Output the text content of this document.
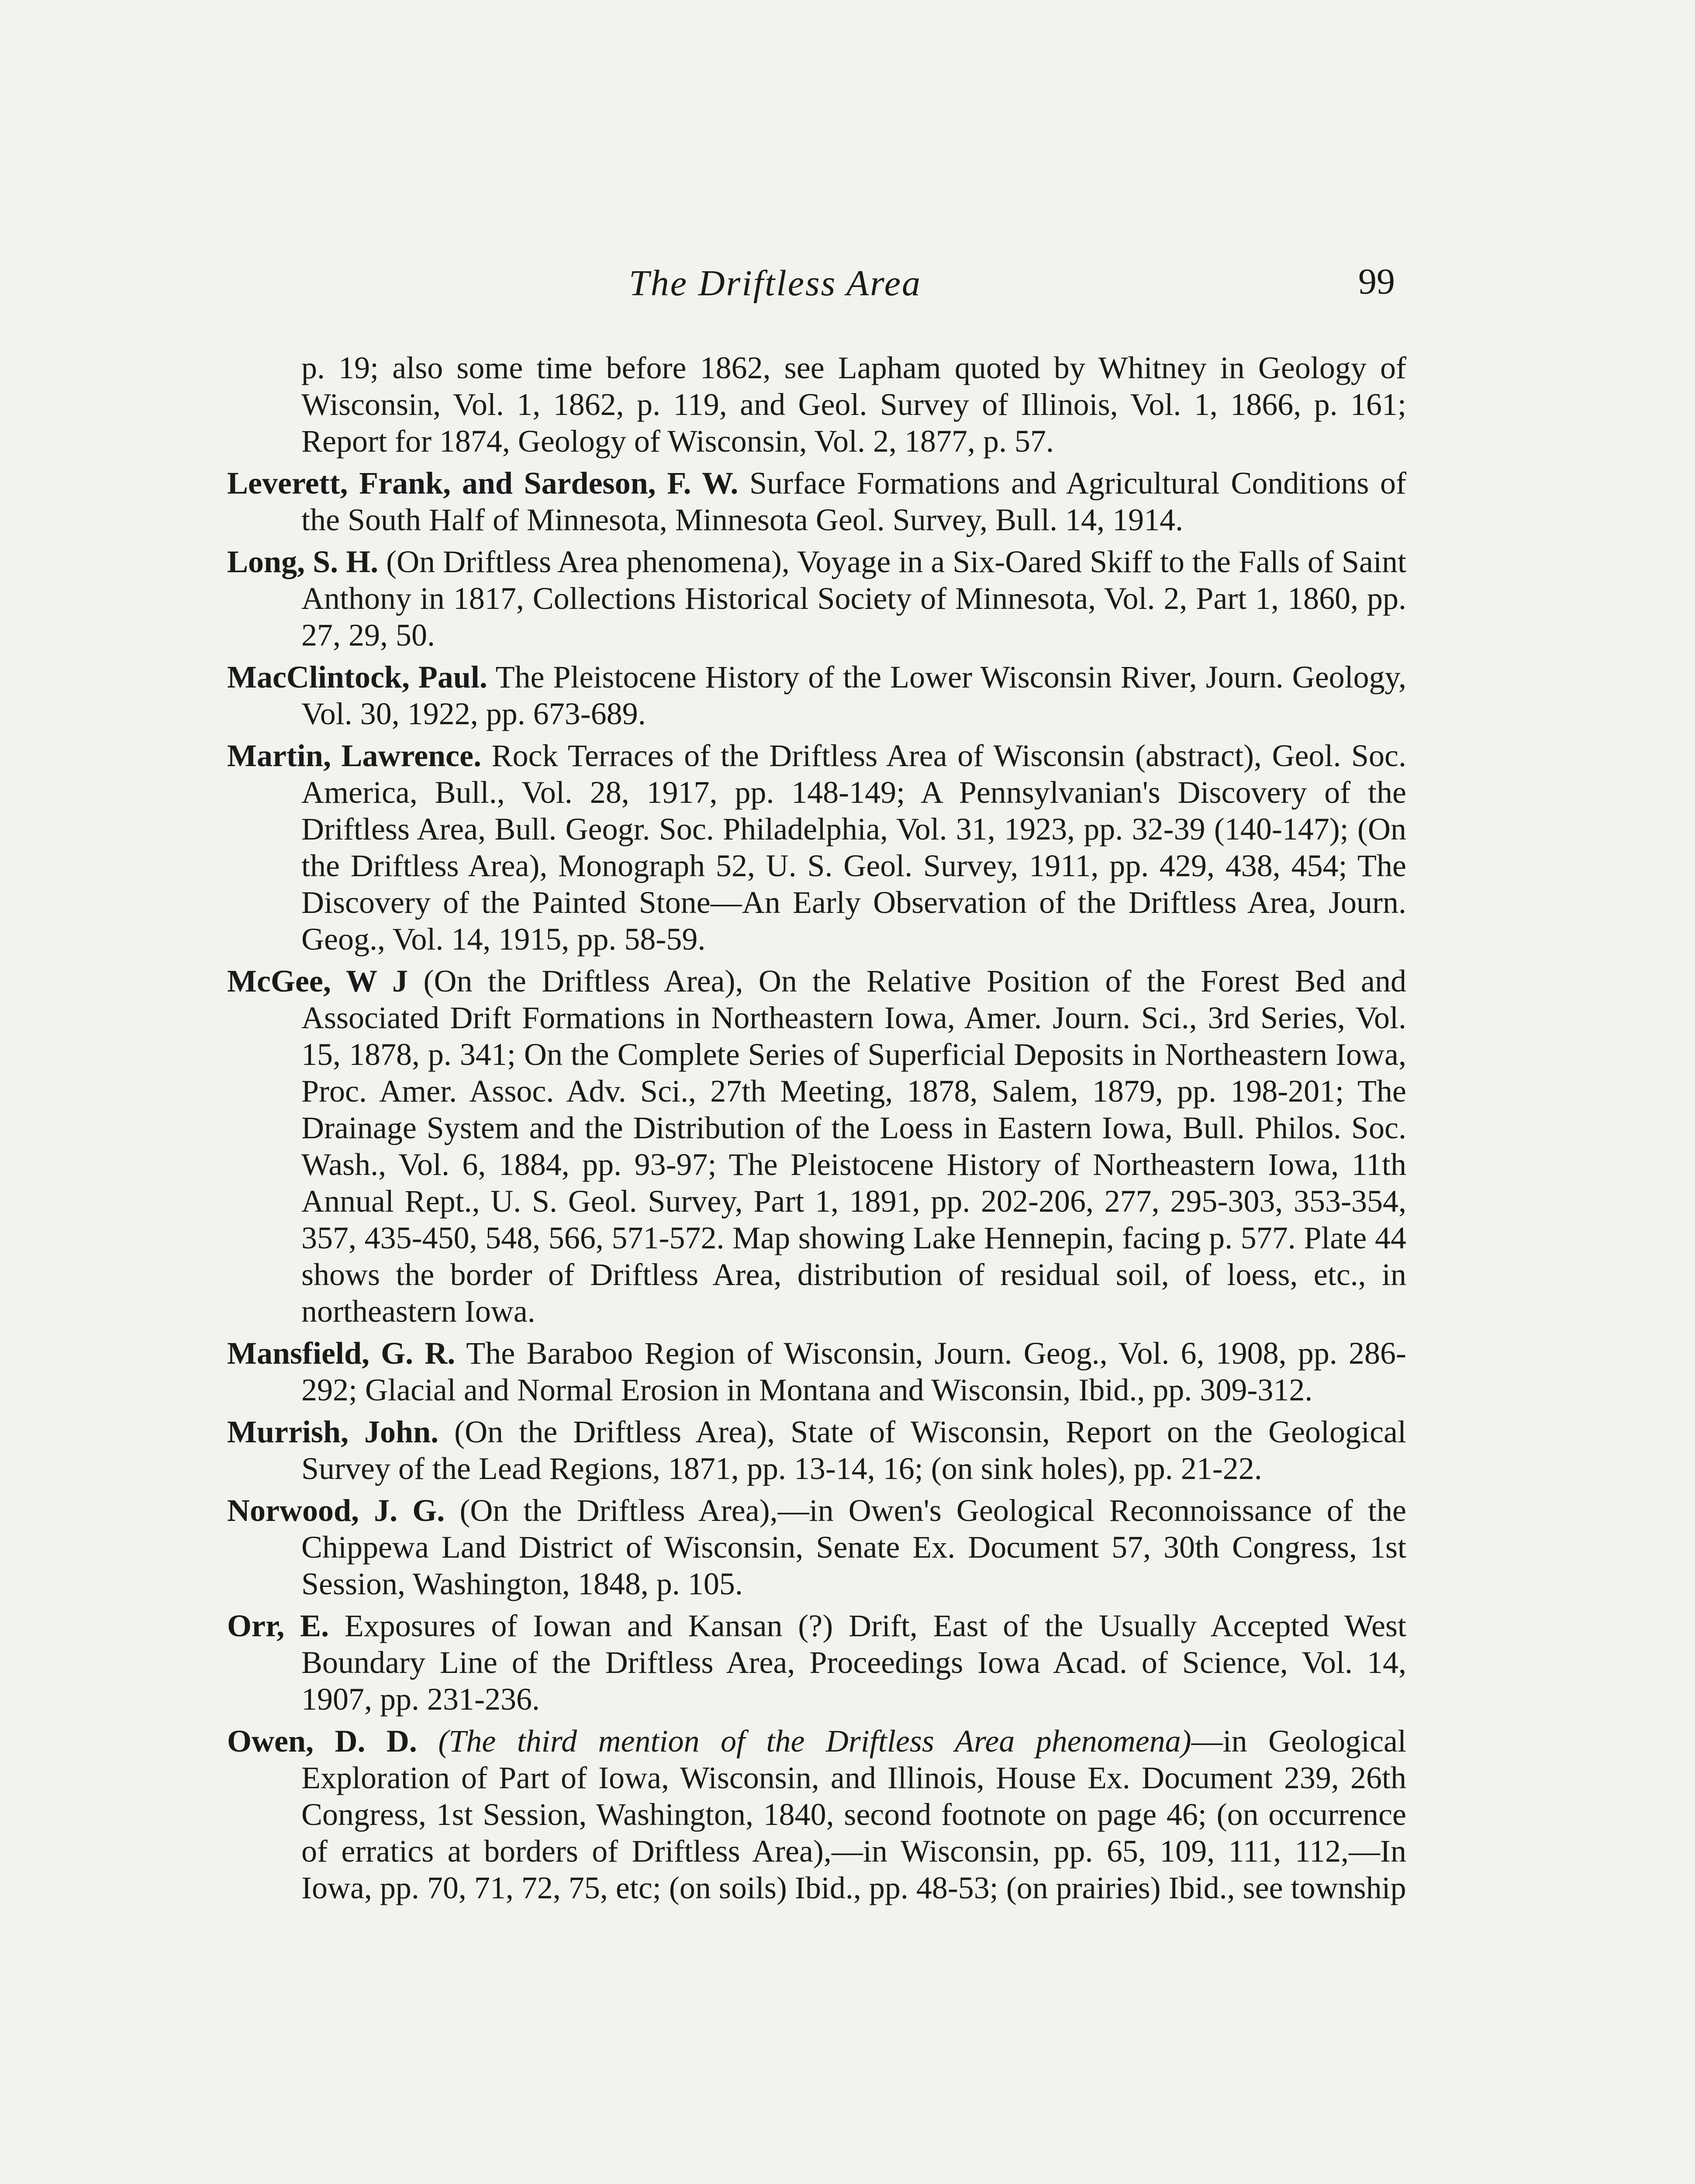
The Driftless Area	99

p. 19; also some time before 1862, see Lapham quoted by Whitney in Geology of Wisconsin, Vol. 1, 1862, p. 119, and Geol. Survey of Illinois, Vol. 1, 1866, p. 161; Report for 1874, Geology of Wisconsin, Vol. 2, 1877, p. 57.

Leverett, Frank, and Sardeson, F. W. Surface Formations and Agricultural Conditions of the South Half of Minnesota, Minnesota Geol. Survey, Bull. 14, 1914.

Long, S. H. (On Driftless Area phenomena), Voyage in a Six-Oared Skiff to the Falls of Saint Anthony in 1817, Collections Historical Society of Minnesota, Vol. 2, Part 1, 1860, pp. 27, 29, 50.

MacClintock, Paul. The Pleistocene History of the Lower Wisconsin River, Journ. Geology, Vol. 30, 1922, pp. 673-689.

Martin, Lawrence. Rock Terraces of the Driftless Area of Wisconsin (abstract), Geol. Soc. America, Bull., Vol. 28, 1917, pp. 148-149; A Pennsylvanian's Discovery of the Driftless Area, Bull. Geogr. Soc. Philadelphia, Vol. 31, 1923, pp. 32-39 (140-147); (On the Driftless Area), Monograph 52, U. S. Geol. Survey, 1911, pp. 429, 438, 454; The Discovery of the Painted Stone—An Early Observation of the Driftless Area, Journ. Geog., Vol. 14, 1915, pp. 58-59.

McGee, W J (On the Driftless Area), On the Relative Position of the Forest Bed and Associated Drift Formations in Northeastern Iowa, Amer. Journ. Sci., 3rd Series, Vol. 15, 1878, p. 341; On the Complete Series of Superficial Deposits in Northeastern Iowa, Proc. Amer. Assoc. Adv. Sci., 27th Meeting, 1878, Salem, 1879, pp. 198-201; The Drainage System and the Distribution of the Loess in Eastern Iowa, Bull. Philos. Soc. Wash., Vol. 6, 1884, pp. 93-97; The Pleistocene History of Northeastern Iowa, 11th Annual Rept., U. S. Geol. Survey, Part 1, 1891, pp. 202-206, 277, 295-303, 353-354, 357, 435-450, 548, 566, 571-572. Map showing Lake Hennepin, facing p. 577. Plate 44 shows the border of Driftless Area, distribution of residual soil, of loess, etc., in northeastern Iowa.

Mansfield, G. R. The Baraboo Region of Wisconsin, Journ. Geog., Vol. 6, 1908, pp. 286-292; Glacial and Normal Erosion in Montana and Wisconsin, Ibid., pp. 309-312.

Murrish, John. (On the Driftless Area), State of Wisconsin, Report on the Geological Survey of the Lead Regions, 1871, pp. 13-14, 16; (on sink holes), pp. 21-22.

Norwood, J. G. (On the Driftless Area),—in Owen's Geological Reconnoissance of the Chippewa Land District of Wisconsin, Senate Ex. Document 57, 30th Congress, 1st Session, Washington, 1848, p. 105.

Orr, E. Exposures of Iowan and Kansan (?) Drift, East of the Usually Accepted West Boundary Line of the Driftless Area, Proceedings Iowa Acad. of Science, Vol. 14, 1907, pp. 231-236.

Owen, D. D. (The third mention of the Driftless Area phenomena)—in Geological Exploration of Part of Iowa, Wisconsin, and Illinois, House Ex. Document 239, 26th Congress, 1st Session, Washington, 1840, second footnote on page 46; (on occurrence of erratics at borders of Driftless Area),—in Wisconsin, pp. 65, 109, 111, 112,—In Iowa, pp. 70, 71, 72, 75, etc; (on soils) Ibid., pp. 48-53; (on prairies) Ibid., see township
